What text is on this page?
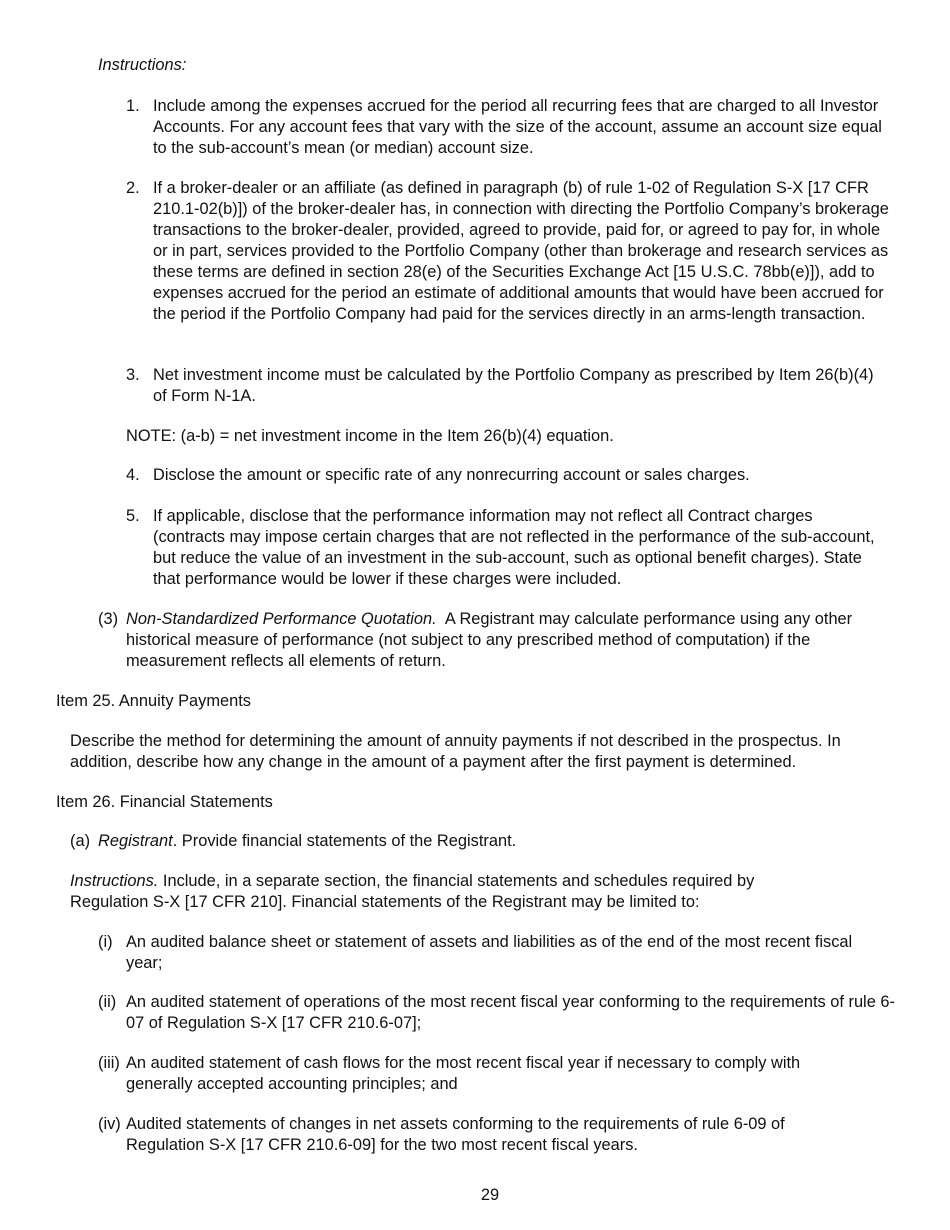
Instructions:
1. Include among the expenses accrued for the period all recurring fees that are charged to all Investor Accounts. For any account fees that vary with the size of the account, assume an account size equal to the sub-account’s mean (or median) account size.
2. If a broker-dealer or an affiliate (as defined in paragraph (b) of rule 1-02 of Regulation S-X [17 CFR 210.1-02(b)]) of the broker-dealer has, in connection with directing the Portfolio Company’s brokerage transactions to the broker-dealer, provided, agreed to provide, paid for, or agreed to pay for, in whole or in part, services provided to the Portfolio Company (other than brokerage and research services as these terms are defined in section 28(e) of the Securities Exchange Act [15 U.S.C. 78bb(e)]), add to expenses accrued for the period an estimate of additional amounts that would have been accrued for the period if the Portfolio Company had paid for the services directly in an arms-length transaction.
3. Net investment income must be calculated by the Portfolio Company as prescribed by Item 26(b)(4) of Form N-1A.
NOTE: (a-b) = net investment income in the Item 26(b)(4) equation.
4. Disclose the amount or specific rate of any nonrecurring account or sales charges.
5. If applicable, disclose that the performance information may not reflect all Contract charges (contracts may impose certain charges that are not reflected in the performance of the sub-account, but reduce the value of an investment in the sub-account, such as optional benefit charges). State that performance would be lower if these charges were included.
(3) Non-Standardized Performance Quotation.  A Registrant may calculate performance using any other historical measure of performance (not subject to any prescribed method of computation) if the measurement reflects all elements of return.
Item 25. Annuity Payments
Describe the method for determining the amount of annuity payments if not described in the prospectus. In addition, describe how any change in the amount of a payment after the first payment is determined.
Item 26. Financial Statements
(a) Registrant. Provide financial statements of the Registrant.
Instructions. Include, in a separate section, the financial statements and schedules required by Regulation S-X [17 CFR 210]. Financial statements of the Registrant may be limited to:
(i) An audited balance sheet or statement of assets and liabilities as of the end of the most recent fiscal year;
(ii) An audited statement of operations of the most recent fiscal year conforming to the requirements of rule 6-07 of Regulation S-X [17 CFR 210.6-07];
(iii) An audited statement of cash flows for the most recent fiscal year if necessary to comply with generally accepted accounting principles; and
(iv) Audited statements of changes in net assets conforming to the requirements of rule 6-09 of Regulation S-X [17 CFR 210.6-09] for the two most recent fiscal years.
29
